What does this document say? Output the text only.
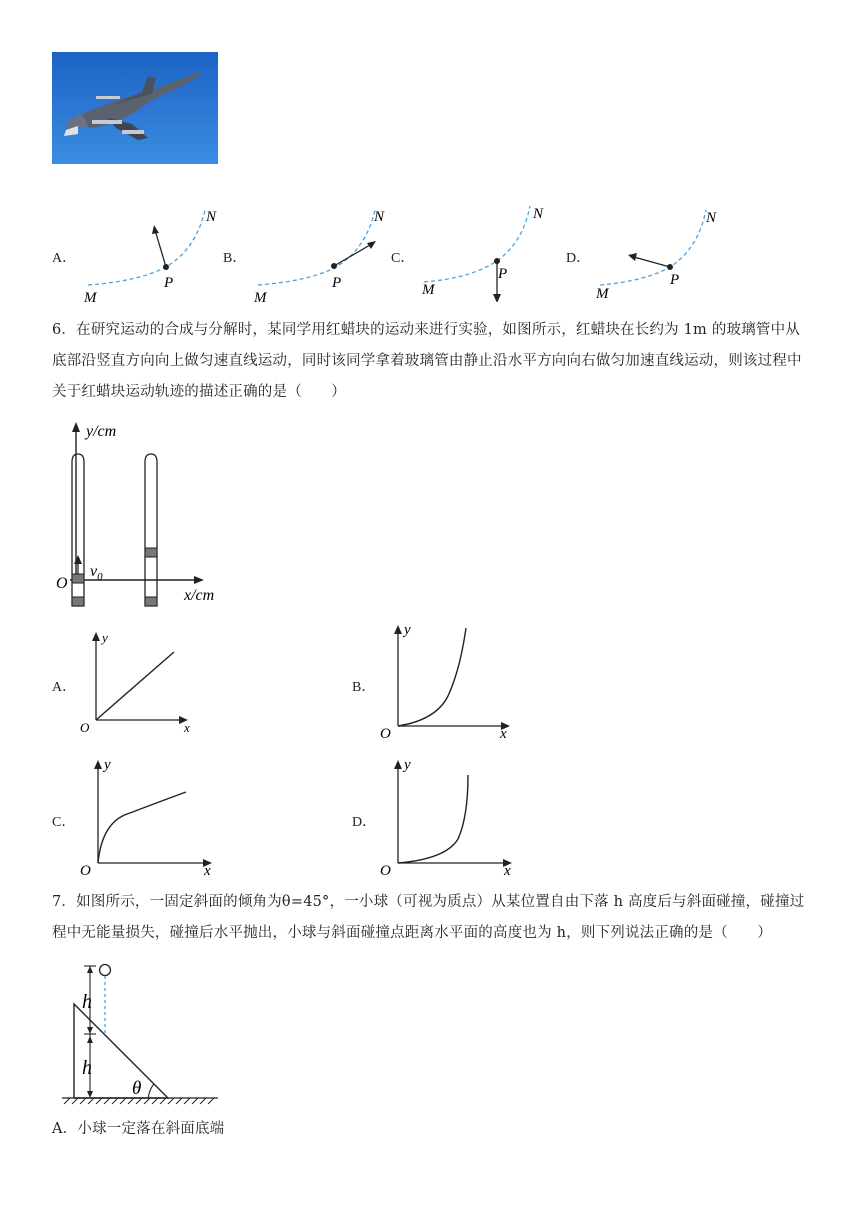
A．
M
N
P
B．
M
N
P
C．
M
N
P
D．
M
N
P
6．在研究运动的合成与分解时，某同学用红蜡块的运动来进行实验，如图所示，红蜡块在长约为 1m 的玻璃管中从底部沿竖直方向向上做匀速直线运动，同时该同学拿着玻璃管由静止沿水平方向向右做匀加速直线运动，则该过程中关于红蜡块运动轨迹的描述正确的是（　　）
y/cm
x/cm
O
$v_0$
A．
y
x
O
B．
y
x
O
C．
y
x
O
D．
y
x
O
7．如图所示，一固定斜面的倾角为θ=45°，一小球（可视为质点）从某位置自由下落 h 高度后与斜面碰撞，碰撞过程中无能量损失，碰撞后水平抛出，小球与斜面碰撞点距离水平面的高度也为 h，则下列说法正确的是（　　）
h
h
θ
A．小球一定落在斜面底端
